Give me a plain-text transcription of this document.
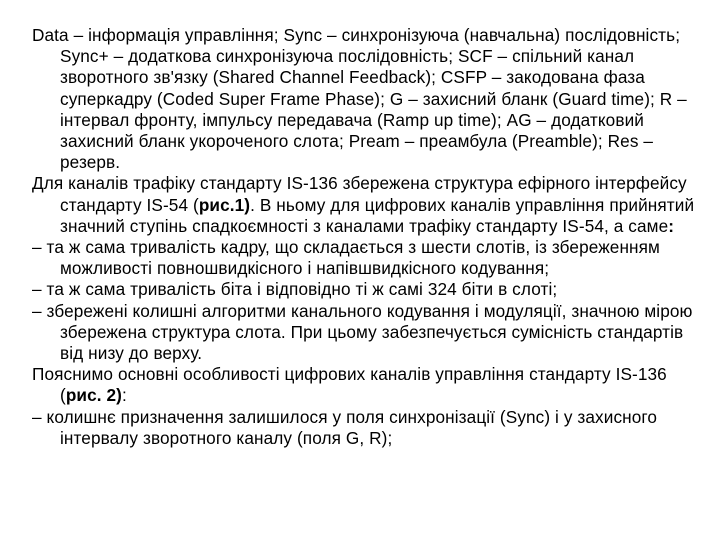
Data – інформація управління; Sync – синхронізуюча (навчальна) послідовність; Sync+ – додаткова синхронізуюча послідовність; SCF – спільний канал зворотного зв'язку (Shared Channel Feedback); CSFP – закодована фаза суперкадру (Coded Super Frame Phase); G – захисний бланк (Guard time); R – інтервал фронту, імпульсу передавача (Ramp up time); AG – додатковий захисний бланк укороченого слота; Pream – преамбула (Preamble); Res – резерв.

Для каналів трафіку стандарту IS-136 збережена структура ефірного інтерфейсу стандарту IS-54 (рис.1). В ньому для цифрових каналів управління прийнятий значний ступінь спадкоємності з каналами трафіку стандарту IS-54, а саме:

– та ж сама тривалість кадру, що складається з шести слотів, із збереженням можливості повношвидкісного і напівшвидкісного кодування;

– та ж сама тривалість біта і відповідно ті ж самі 324 біти в слоті;

– збережені колишні алгоритми канального кодування і модуляції, значною мірою збережена структура слота. При цьому забезпечується сумісність стандартів від низу до верху.

Пояснимо основні особливості цифрових каналів управління стандарту IS-136 (рис. 2):

– колишнє призначення залишилося у поля синхронізації (Sync) і у захисного інтервалу зворотного каналу (поля G, R);
